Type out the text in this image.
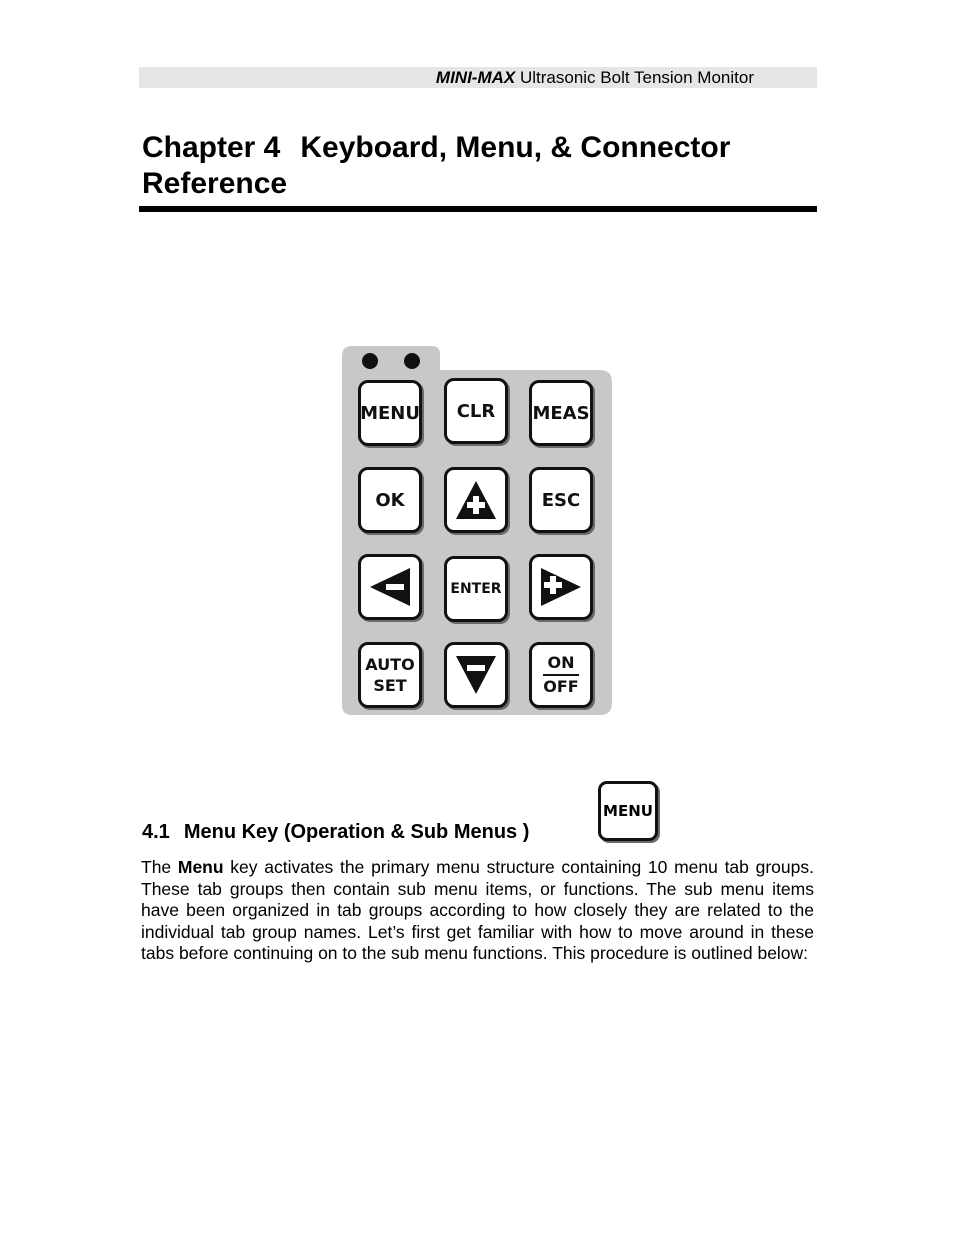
MINI-MAX Ultrasonic Bolt Tension Monitor
Chapter 4 Keyboard, Menu, & Connector Reference
MENU CLR MEAS
OK	ESC
ENTER
AUTO
SET
ON
OFF
4.1 Menu Key (Operation & Sub Menus )
MENU

The Menu key activates the primary menu structure containing 10 menu tab groups. These tab groups then contain sub menu items, or functions. The sub menu items have been organized in tab groups according to how closely they are related to the individual tab group names. Let’s first get familiar with how to move around in these tabs before continuing on to the sub menu functions. This procedure is outlined below:
